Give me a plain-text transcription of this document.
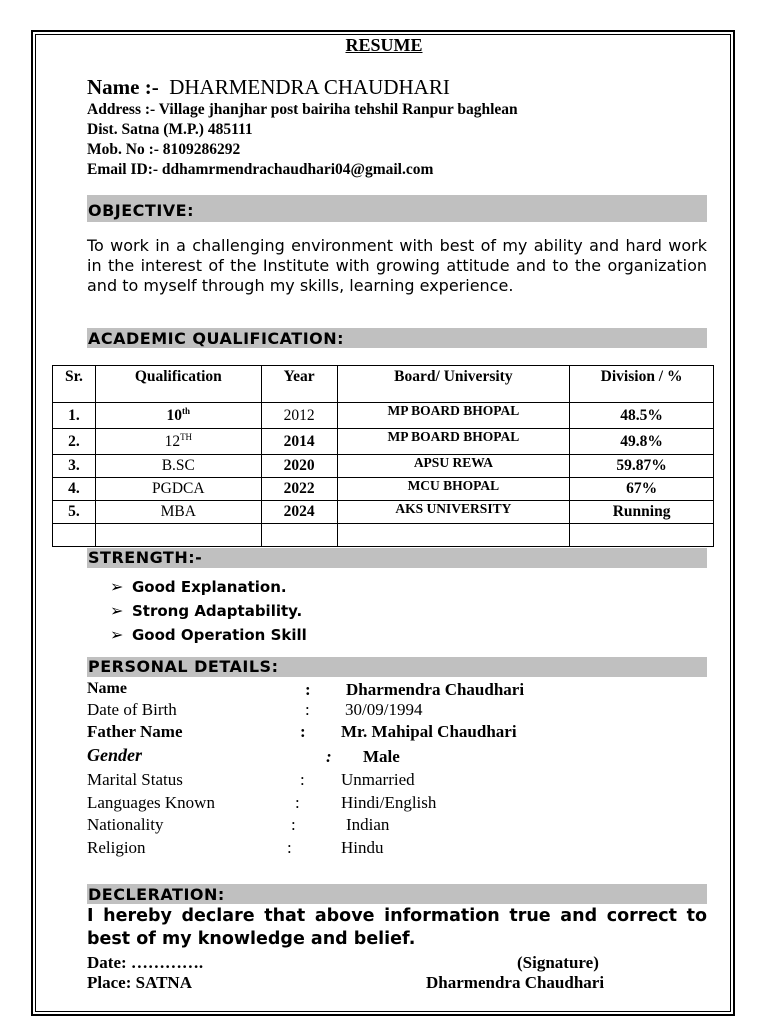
RESUME
Name :- DHARMENDRA CHAUDHARI
Address :- Village jhanjhar post bairiha tehshil Ranpur baghlean
Dist. Satna (M.P.) 485111
Mob. No :- 8109286292
Email ID:- ddhamrmendrachaudhari04@gmail.com
OBJECTIVE:
To work in a challenging environment with best of my ability and hard work in the interest of the Institute with growing attitude and to the organization and to myself through my skills, learning experience.
ACADEMIC QUALIFICATION:
Sr.	Qualification	Year	Board/ University	Division / %
1.	10th	2012	MP BOARD BHOPAL	48.5%
2.	12TH	2014	MP BOARD BHOPAL	49.8%
3.	B.SC	2020	APSU REWA	59.87%
4.	PGDCA	2022	MCU BHOPAL	67%
5.	MBA	2024	AKS UNIVERSITY	Running

STRENGTH:-
➢ Good Explanation.
➢ Strong Adaptability.
➢ Good Operation Skill
PERSONAL DETAILS:
Name	: Dharmendra Chaudhari
Date of Birth	: 30/09/1994
Father Name	: Mr. Mahipal Chaudhari
Gender	: Male
Marital Status	: Unmarried
Languages Known	: Hindi/English
Nationality	:	Indian
Religion	:	Hindu
DECLERATION:
I hereby declare that above information true and correct to best of my knowledge and belief.
Date: ………….	(Signature)
Place: SATNA	Dharmendra Chaudhari
